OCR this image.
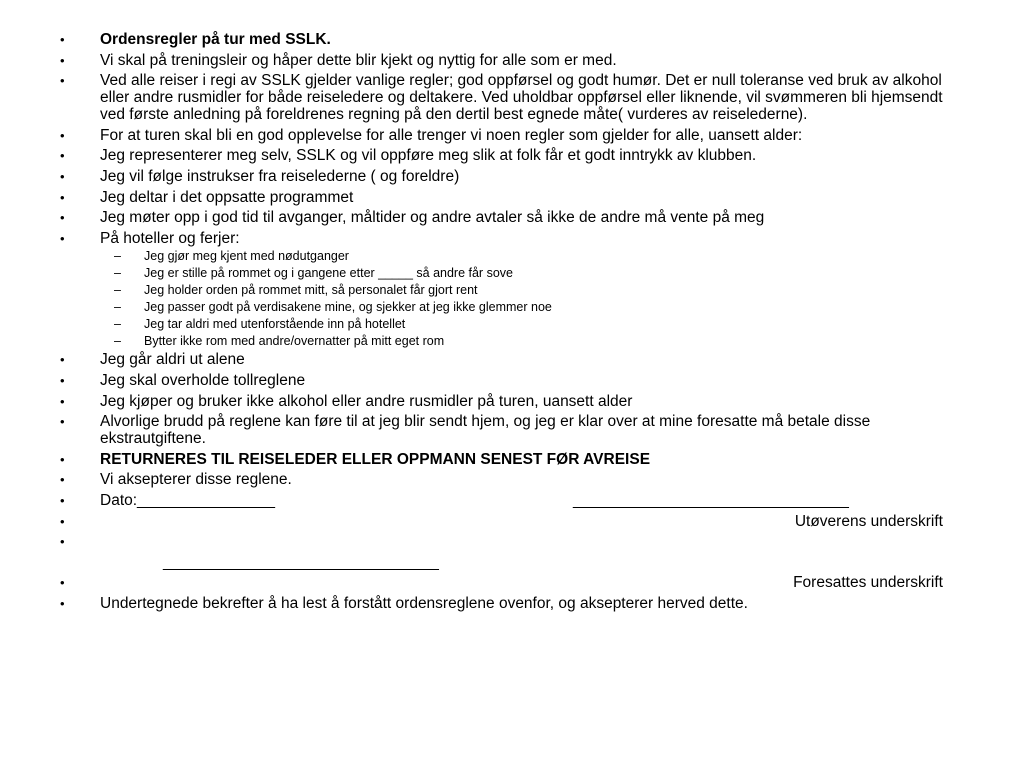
•	Ordensregler på tur med SSLK.
•	Vi skal på treningsleir og håper dette blir kjekt og nyttig for alle som er med.
•	Ved alle reiser i regi av SSLK gjelder vanlige regler; god oppførsel og godt humør. Det er null toleranse ved bruk av alkohol eller andre rusmidler for både reiseledere og deltakere. Ved uholdbar oppførsel eller liknende, vil svømmeren bli hjemsendt ved første anledning på foreldrenes regning på den dertil best egnede måte( vurderes av reiselederne).
•	For at turen skal bli en god opplevelse for alle trenger vi noen regler som gjelder for alle, uansett alder:
•	Jeg representerer meg selv, SSLK og vil oppføre meg slik at folk får et godt inntrykk av klubben.
•	Jeg vil følge instrukser fra reiselederne ( og foreldre)
•	Jeg deltar i det oppsatte programmet
•	Jeg møter opp i god tid til avganger, måltider og andre avtaler så ikke de andre må vente på meg
•	På hoteller og ferjer:
– Jeg gjør meg kjent med nødutganger
– Jeg er stille på rommet og i gangene etter _____ så andre får sove
– Jeg holder orden på rommet mitt, så personalet får gjort rent
– Jeg passer godt på verdisakene mine, og sjekker at jeg ikke glemmer noe
– Jeg tar aldri med utenforstående inn på hotellet
– Bytter ikke rom med andre/overnatter på mitt eget rom
•	Jeg går aldri ut alene
•	Jeg skal overholde tollreglene
•	Jeg kjøper og bruker ikke alkohol eller andre rusmidler på turen, uansett alder
•	Alvorlige brudd på reglene kan føre til at jeg blir sendt hjem, og jeg er klar over at mine foresatte må betale disse ekstrautgiftene.
•	RETURNERES TIL REISELEDER ELLER OPPMANN SENEST FØR AVREISE
•	Vi aksepterer disse reglene.
•	Dato:________________	________________________________
•	Utøverens underskrift

•

________________________________
•	Foresattes underskrift

•	Undertegnede bekrefter å ha lest å forstått ordensreglene ovenfor, og aksepterer herved dette.
